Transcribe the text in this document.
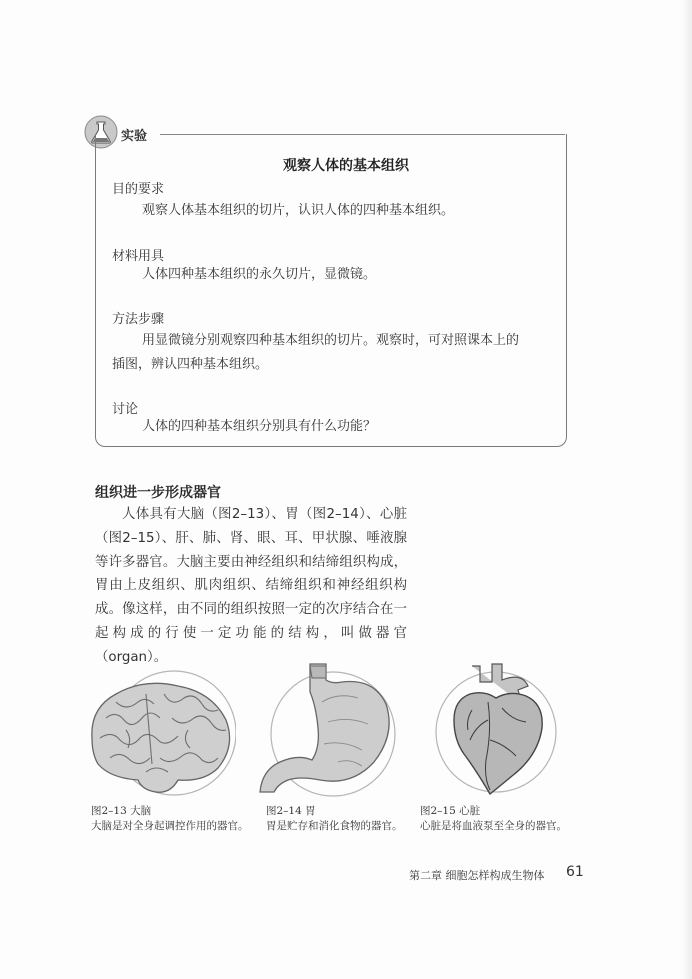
实验
观察人体的基本组织
目的要求
观察人体基本组织的切片，认识人体的四种基本组织。
材料用具
人体四种基本组织的永久切片，显微镜。
方法步骤
用显微镜分别观察四种基本组织的切片。观察时，可对照课本上的
插图，辨认四种基本组织。
讨论
人体的四种基本组织分别具有什么功能？
组织进一步形成器官
人体具有大脑（图2–13）、胃（图2–14）、心脏（图2–15）、肝、肺、肾、眼、耳、甲状腺、唾液腺等许多器官。大脑主要由神经组织和结缔组织构成，胃由上皮组织、肌肉组织、结缔组织和神经组织构成。像这样，由不同的组织按照一定的次序结合在一起构成的行使一定功能的结构，叫做器官（organ）。
图2–13 大脑
大脑是对全身起调控作用的器官。
图2–14 胃
胃是贮存和消化食物的器官。
图2–15 心脏
心脏是将血液泵至全身的器官。
第二章 细胞怎样构成生物体 61
